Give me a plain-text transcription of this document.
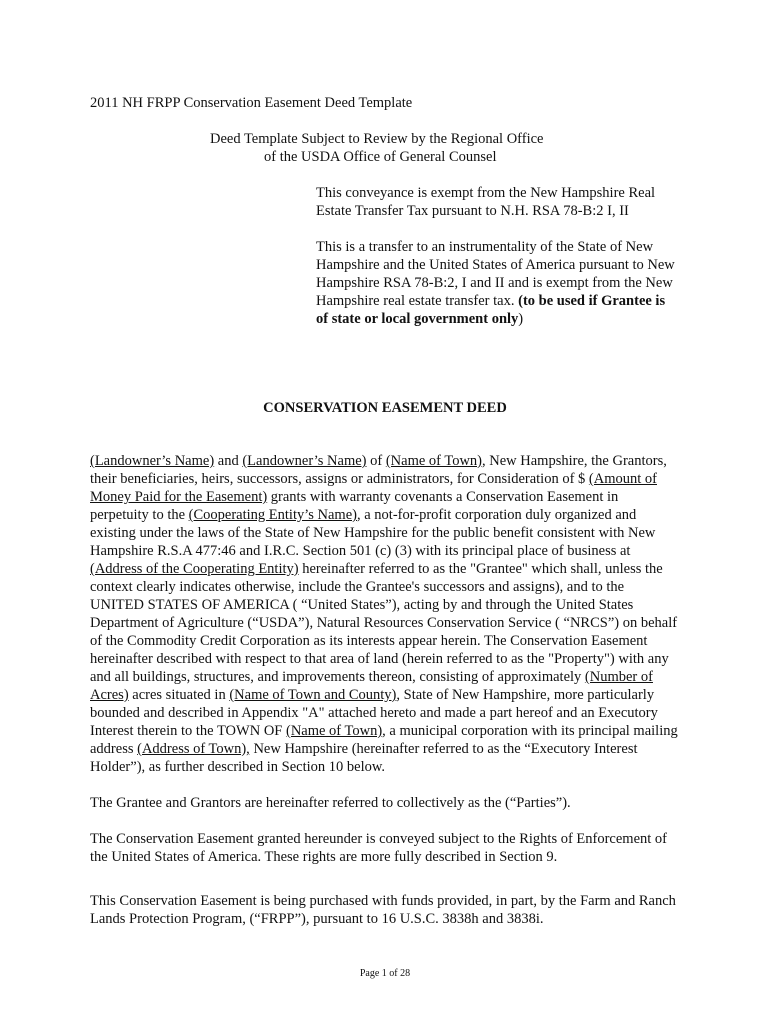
2011 NH FRPP Conservation Easement Deed Template

Deed Template Subject to Review by the Regional Office
of the USDA Office of General Counsel

This conveyance is exempt from the New Hampshire Real Estate Transfer Tax pursuant to N.H. RSA 78-B:2 I, II

This is a transfer to an instrumentality of the State of New Hampshire and the United States of America pursuant to New Hampshire RSA 78-B:2, I and II and is exempt from the New Hampshire real estate transfer tax. (to be used if Grantee is of state or local government only)

CONSERVATION EASEMENT DEED

(Landowner’s Name) and (Landowner’s Name) of (Name of Town), New Hampshire, the Grantors, their beneficiaries, heirs, successors, assigns or administrators, for Consideration of $ (Amount of Money Paid for the Easement) grants with warranty covenants a Conservation Easement in perpetuity to the (Cooperating Entity’s Name), a not-for-profit corporation duly organized and existing under the laws of the State of New Hampshire for the public benefit consistent with New Hampshire R.S.A 477:46 and I.R.C. Section 501 (c) (3) with its principal place of business at (Address of the Cooperating Entity) hereinafter referred to as the "Grantee" which shall, unless the context clearly indicates otherwise, include the Grantee's successors and assigns), and to the UNITED STATES OF AMERICA ( “United States”), acting by and through the United States Department of Agriculture (“USDA”), Natural Resources Conservation Service ( “NRCS”) on behalf of the Commodity Credit Corporation as its interests appear herein. The Conservation Easement hereinafter described with respect to that area of land (herein referred to as the "Property") with any and all buildings, structures, and improvements thereon, consisting of approximately (Number of Acres) acres situated in (Name of Town and County), State of New Hampshire, more particularly bounded and described in Appendix "A" attached hereto and made a part hereof and an Executory Interest therein to the TOWN OF (Name of Town), a municipal corporation with its principal mailing address (Address of Town), New Hampshire (hereinafter referred to as the “Executory Interest Holder”), as further described in Section 10 below.

The Grantee and Grantors are hereinafter referred to collectively as the (“Parties”).

The Conservation Easement granted hereunder is conveyed subject to the Rights of Enforcement of the United States of America. These rights are more fully described in Section 9.

This Conservation Easement is being purchased with funds provided, in part, by the Farm and Ranch Lands Protection Program, (“FRPP”), pursuant to 16 U.S.C. 3838h and 3838i.

Page 1 of 28
